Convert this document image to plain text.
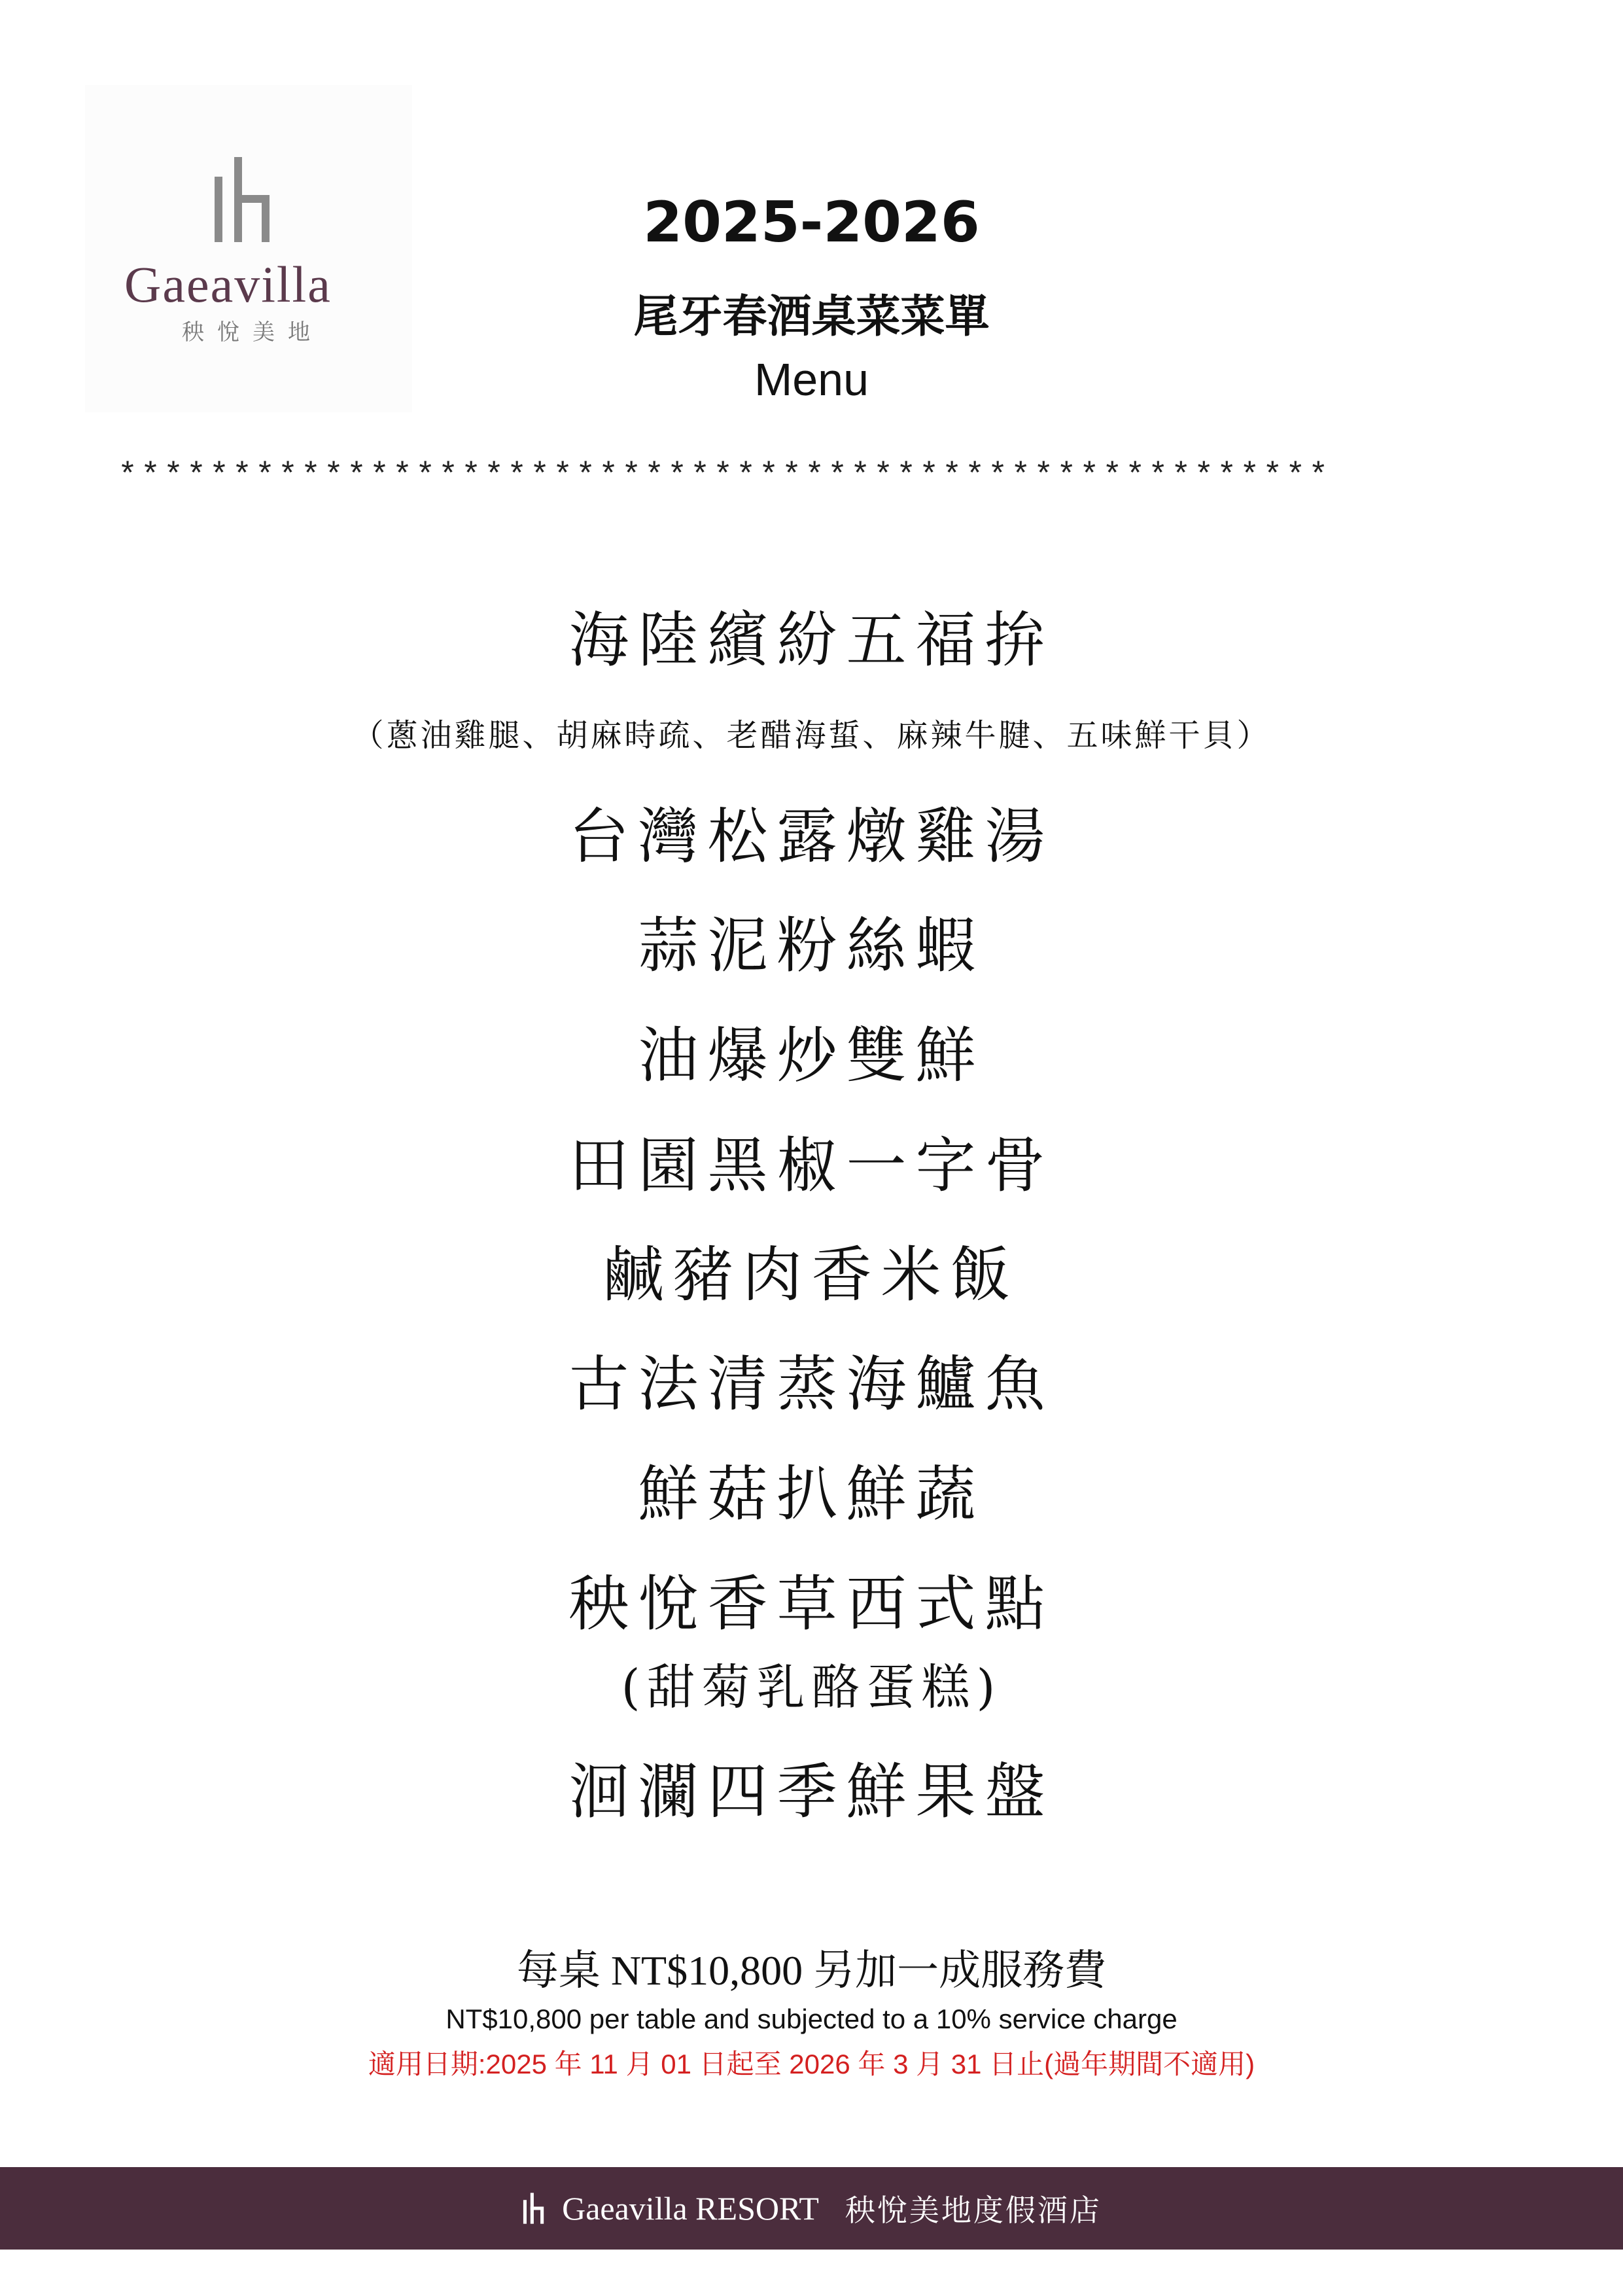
Gaeavilla
秧悅美地
2025-2026
尾牙春酒桌菜菜單
Menu
*****************************************************
海陸繽紛五福拚
（蔥油雞腿、胡麻時疏、老醋海蜇、麻辣牛腱、五味鮮干貝）
台灣松露燉雞湯
蒜泥粉絲蝦
油爆炒雙鮮
田園黑椒一字骨
鹹豬肉香米飯
古法清蒸海鱸魚
鮮菇扒鮮蔬
秧悅香草西式點
(甜菊乳酪蛋糕)
洄瀾四季鮮果盤
每桌 NT$10,800 另加一成服務費
NT$10,800 per table and subjected to a 10% service charge
適用日期:2025 年 11 月 01 日起至 2026 年 3 月 31 日止(過年期間不適用)
Gaeavilla RESORT 秧悅美地度假酒店
